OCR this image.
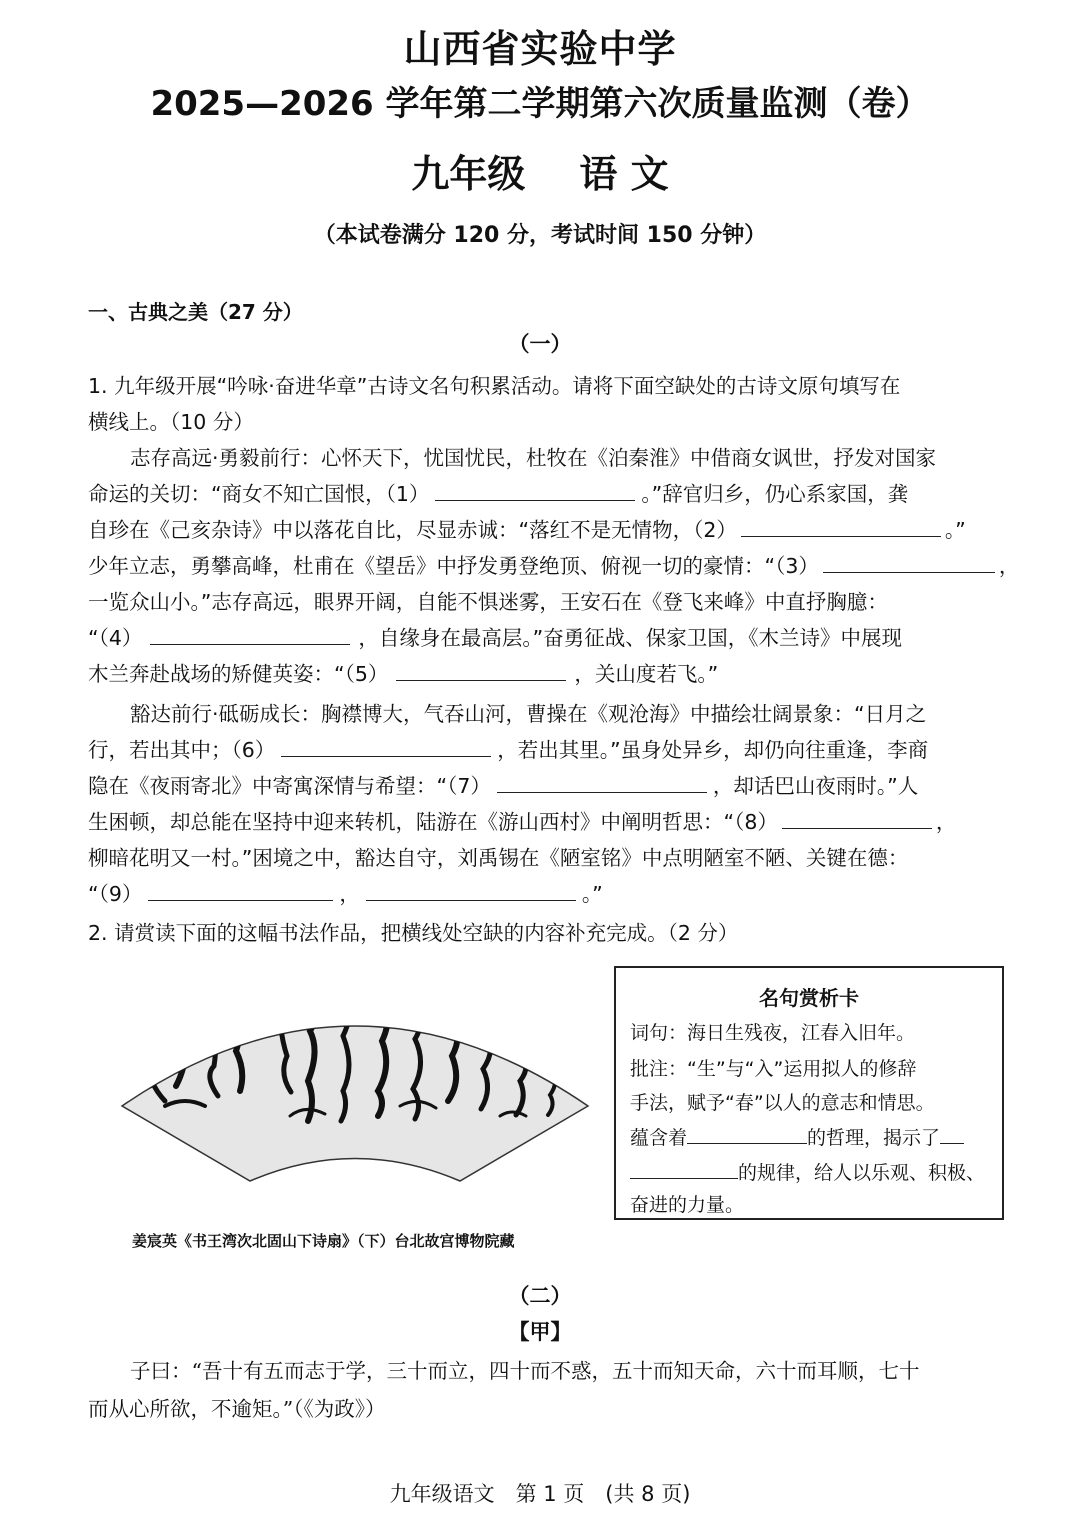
山西省实验中学
2025—2026 学年第二学期第六次质量监测（卷）
九年级 语 文
（本试卷满分 120 分，考试时间 150 分钟）
一、古典之美（27 分）
（一）
1. 九年级开展“吟咏·奋进华章”古诗文名句积累活动。请将下面空缺处的古诗文原句填写在
横线上。（10 分）
志存高远·勇毅前行：心怀天下，忧国忧民，杜牧在《泊秦淮》中借商女讽世，抒发对国家
命运的关切：“商女不知亡国恨，（1）	。”辞官归乡，仍心系家国，龚
自珍在《己亥杂诗》中以落花自比，尽显赤诚：“落红不是无情物，（2）	。”
少年立志，勇攀高峰，杜甫在《望岳》中抒发勇登绝顶、俯视一切的豪情：“（3）	，
一览众山小。”志存高远，眼界开阔，自能不惧迷雾，王安石在《登飞来峰》中直抒胸臆：
“（4）	，自缘身在最高层。”奋勇征战、保家卫国，《木兰诗》中展现
木兰奔赴战场的矫健英姿：“（5）	，关山度若飞。”
豁达前行·砥砺成长：胸襟博大，气吞山河，曹操在《观沧海》中描绘壮阔景象：“日月之
行，若出其中；（6）	，若出其里。”虽身处异乡，却仍向往重逢，李商
隐在《夜雨寄北》中寄寓深情与希望：“（7）	，却话巴山夜雨时。”人
生困顿，却总能在坚持中迎来转机，陆游在《游山西村》中阐明哲思：“（8）	，
柳暗花明又一村。”困境之中，豁达自守，刘禹锡在《陋室铭》中点明陋室不陋、关键在德：
“（9）	，	。”
2. 请赏读下面的这幅书法作品，把横线处空缺的内容补充完成。（2 分）
姜宸英《书王湾次北固山下诗扇》（下）台北故宫博物院藏
名句赏析卡
词句：海日生残夜，江春入旧年。
批注：“生”与“入”运用拟人的修辞
手法，赋予“春”以人的意志和情思。
蕴含着	的哲理，揭示了
的规律，给人以乐观、积极、
奋进的力量。
（二）
【甲】
子曰：“吾十有五而志于学，三十而立，四十而不惑，五十而知天命，六十而耳顺，七十
而从心所欲，不逾矩。”（《为政》）
九年级语文　第 1 页　(共 8 页)
